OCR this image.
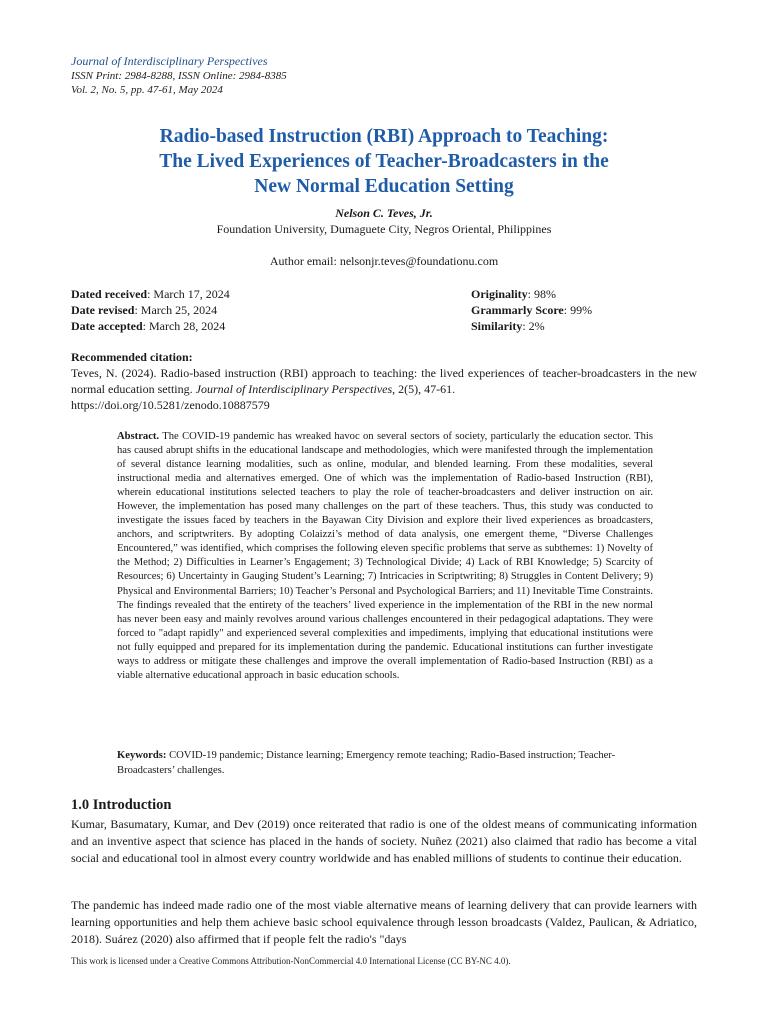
Journal of Interdisciplinary Perspectives
ISSN Print: 2984-8288, ISSN Online: 2984-8385
Vol. 2, No. 5, pp. 47-61, May 2024
Radio-based Instruction (RBI) Approach to Teaching:
The Lived Experiences of Teacher-Broadcasters in the
New Normal Education Setting
Nelson C. Teves, Jr.
Foundation University, Dumaguete City, Negros Oriental, Philippines
Author email: nelsonjr.teves@foundationu.com
Dated received: March 17, 2024
Date revised: March 25, 2024
Date accepted: March 28, 2024
Originality: 98%
Grammarly Score: 99%
Similarity: 2%
Recommended citation:
Teves, N. (2024). Radio-based instruction (RBI) approach to teaching: the lived experiences of teacher-broadcasters in the new normal education setting. Journal of Interdisciplinary Perspectives, 2(5), 47-61.
https://doi.org/10.5281/zenodo.10887579
Abstract. The COVID-19 pandemic has wreaked havoc on several sectors of society, particularly the education sector. This has caused abrupt shifts in the educational landscape and methodologies, which were manifested through the implementation of several distance learning modalities, such as online, modular, and blended learning. From these modalities, several instructional media and alternatives emerged. One of which was the implementation of Radio-based Instruction (RBI), wherein educational institutions selected teachers to play the role of teacher-broadcasters and deliver instruction on air. However, the implementation has posed many challenges on the part of these teachers. Thus, this study was conducted to investigate the issues faced by teachers in the Bayawan City Division and explore their lived experiences as broadcasters, anchors, and scriptwriters. By adopting Colaizzi’s method of data analysis, one emergent theme, “Diverse Challenges Encountered,” was identified, which comprises the following eleven specific problems that serve as subthemes: 1) Novelty of the Method; 2) Difficulties in Learner’s Engagement; 3) Technological Divide; 4) Lack of RBI Knowledge; 5) Scarcity of Resources; 6) Uncertainty in Gauging Student’s Learning; 7) Intricacies in Scriptwriting; 8) Struggles in Content Delivery; 9) Physical and Environmental Barriers; 10) Teacher’s Personal and Psychological Barriers; and 11) Inevitable Time Constraints. The findings revealed that the entirety of the teachers’ lived experience in the implementation of the RBI in the new normal has never been easy and mainly revolves around various challenges encountered in their pedagogical adaptations. They were forced to "adapt rapidly" and experienced several complexities and impediments, implying that educational institutions were not fully equipped and prepared for its implementation during the pandemic. Educational institutions can further investigate ways to address or mitigate these challenges and improve the overall implementation of Radio-based Instruction (RBI) as a viable alternative educational approach in basic education schools.
Keywords: COVID-19 pandemic; Distance learning; Emergency remote teaching; Radio-Based instruction; Teacher-Broadcasters’ challenges.
1.0 Introduction
Kumar, Basumatary, Kumar, and Dev (2019) once reiterated that radio is one of the oldest means of communicating information and an inventive aspect that science has placed in the hands of society. Nuñez (2021) also claimed that radio has become a vital social and educational tool in almost every country worldwide and has enabled millions of students to continue their education.
The pandemic has indeed made radio one of the most viable alternative means of learning delivery that can provide learners with learning opportunities and help them achieve basic school equivalence through lesson broadcasts (Valdez, Paulican, & Adriatico, 2018). Suárez (2020) also affirmed that if people felt the radio's "days
This work is licensed under a Creative Commons Attribution-NonCommercial 4.0 International License (CC BY-NC 4.0).
